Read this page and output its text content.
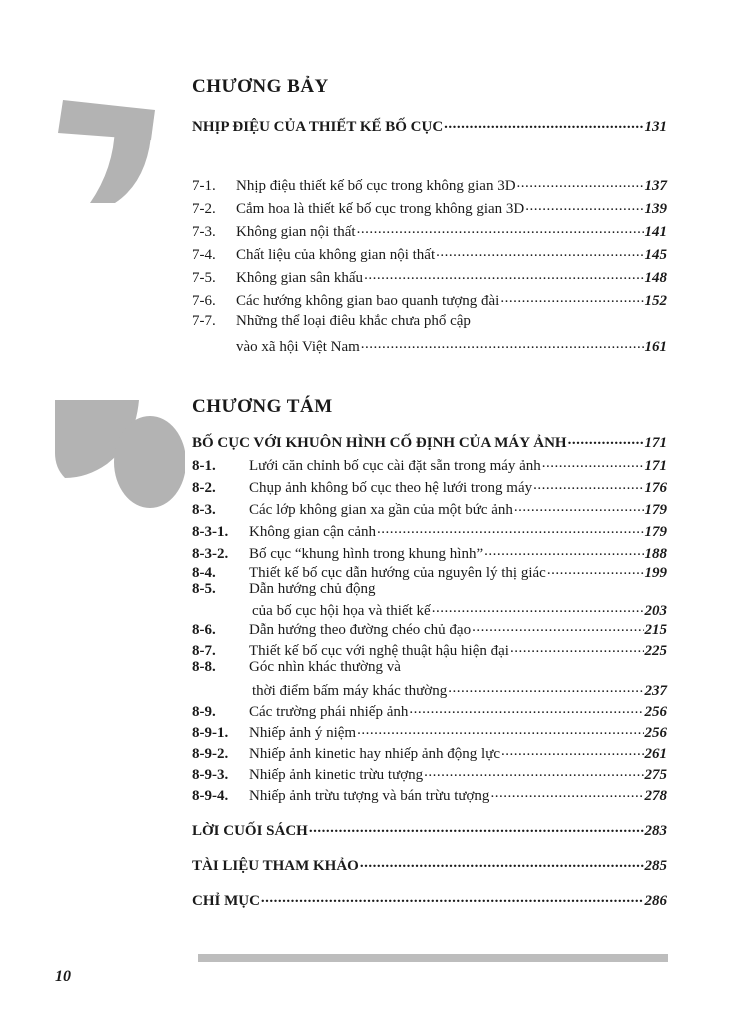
CHƯƠNG BẢY
NHỊP ĐIỆU CỦA THIẾT KẾ BỐ CỤC .....	131
7-1.	Nhịp điệu thiết kế bố cục trong không gian 3D .....	137
7-2.	Cắm hoa là thiết kế bố cục trong không gian 3D .....	139
7-3.	Không gian nội thất .....	141
7-4.	Chất liệu của không gian nội thất .....	145
7-5.	Không gian sân khấu .....	148
7-6.	Các hướng không gian bao quanh tượng đài .....	152
7-7.	Những thể loại điêu khắc chưa phổ cập
vào xã hội Việt Nam .....	161
CHƯƠNG TÁM
BỐ CỤC VỚI KHUÔN HÌNH CỐ ĐỊNH CỦA MÁY ẢNH .....	171
8-1.	Lưới căn chỉnh bố cục cài đặt sẵn trong máy ảnh .....	171
8-2.	Chụp ảnh không bố cục theo hệ lưới trong máy .....	176
8-3.	Các lớp không gian xa gần của một bức ảnh .....	179
8-3-1.	Không gian cận cảnh .....	179
8-3-2.	Bố cục “khung hình trong khung hình” .....	188
8-4.	Thiết kế bố cục dẫn hướng của nguyên lý thị giác .....	199
8-5.	Dẫn hướng chủ động
của bố cục hội họa và thiết kế .....	203
8-6.	Dẫn hướng theo đường chéo chủ đạo .....	215
8-7.	Thiết kế bố cục với nghệ thuật hậu hiện đại .....	225
8-8.	Góc nhìn khác thường và
thời điểm bấm máy khác thường .....	237
8-9.	Các trường phái nhiếp ảnh .....	256
8-9-1.	Nhiếp ảnh ý niệm .....	256
8-9-2.	Nhiếp ảnh kinetic hay nhiếp ảnh động lực .....	261
8-9-3.	Nhiếp ảnh kinetic trừu tượng .....	275
8-9-4.	Nhiếp ảnh trừu tượng và bán trừu tượng .....	278
LỜI CUỐI SÁCH .....	283
TÀI LIỆU THAM KHẢO .....	285
CHỈ MỤC .....	286
10
